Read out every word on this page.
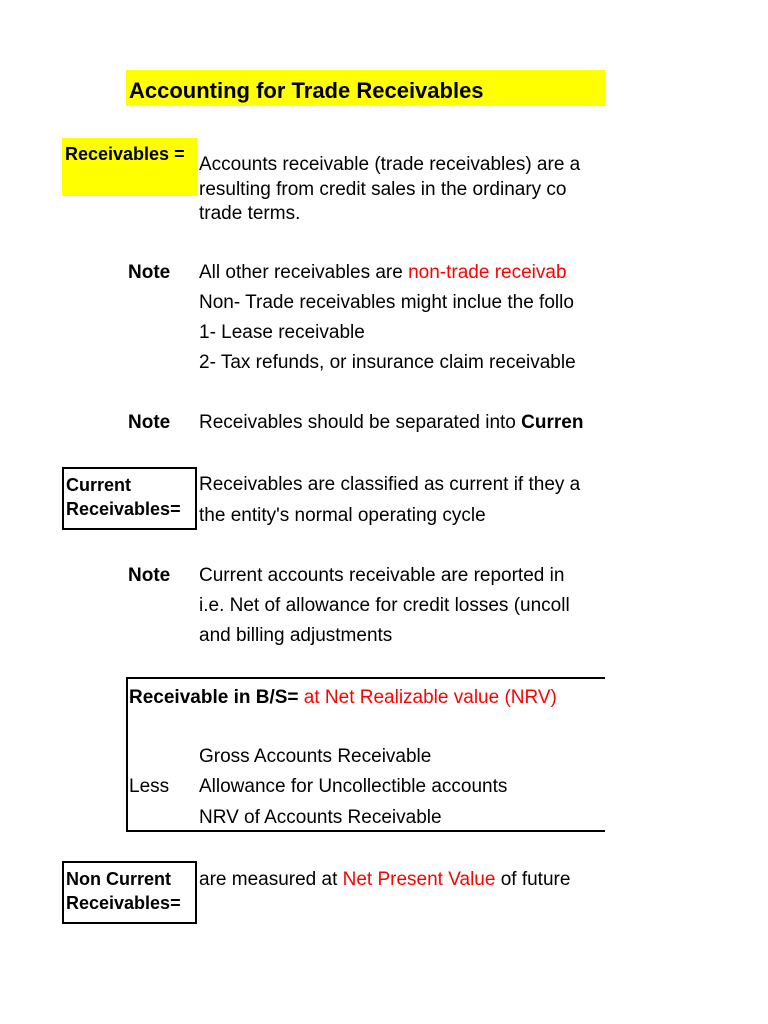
Accounting for Trade Receivables
Receivables = Accounts receivable (trade receivables) are a
resulting from credit sales in the ordinary co
trade terms.
Note All other receivables are non-trade receivab
Non- Trade receivables might inclue the follo
1- Lease receivable
2- Tax refunds, or insurance claim receivable
Note Receivables should be separated into Curren
Current
Receivables=
Receivables are classified as current if they a
the entity's normal operating cycle
Note Current accounts receivable are reported in
i.e. Net of allowance for credit losses (uncoll
and billing adjustments
Receivable in B/S= at Net Realizable value (NRV)
Gross Accounts Receivable
Less Allowance for Uncollectible accounts
NRV of Accounts Receivable
Non Current
Receivables=
are measured at Net Present Value of future
